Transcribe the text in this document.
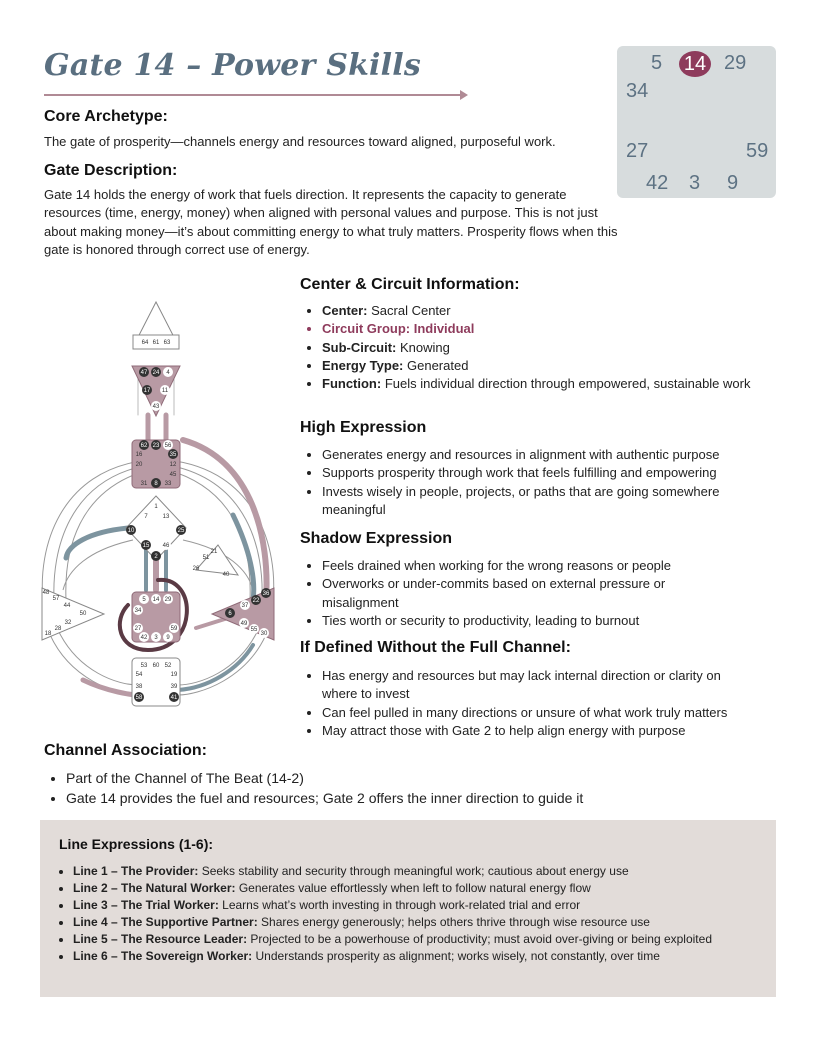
Gate 14 – Power Skills	5 14 29
34
27	59
42 3 9
Core Archetype:

The gate of prosperity—channels energy and resources toward aligned, purposeful work.

Gate Description:

Gate 14 holds the energy of work that fuels direction. It represents the capacity to generate resources (time, energy, money) when aligned with personal values and purpose. This is not just about making money—it’s about committing energy to what truly matters. Prosperity flows when this gate is honored through correct use of energy.

64 61 63
47 24 4
17 11
43
62 23 56
16	35
20	12
45
31 8 33
1
7 13
10	25
15 46
2
21
26
51
40
48
57
44
50
32
28
18
36
22
37
6
49
55
30
5 14 29
34
27	59
42 3 9
53 60 52
54	19
38	39
58	41
Center & Circuit Information:
• Center: Sacral Center
• Circuit Group: Individual
• Sub-Circuit: Knowing
• Energy Type: Generated
• Function: Fuels individual direction through empowered, sustainable work
High Expression
• Generates energy and resources in alignment with authentic purpose
• Supports prosperity through work that feels fulfilling and empowering
• Invests wisely in people, projects, or paths that are going somewhere meaningful
Shadow Expression
• Feels drained when working for the wrong reasons or people
• Overworks or under-commits based on external pressure or misalignment
• Ties worth or security to productivity, leading to burnout
If Defined Without the Full Channel:
• Has energy and resources but may lack internal direction or clarity on where to invest
• Can feel pulled in many directions or unsure of what work truly matters
• May attract those with Gate 2 to help align energy with purpose
Channel Association:
• Part of the Channel of The Beat (14-2)
• Gate 14 provides the fuel and resources; Gate 2 offers the inner direction to guide it
Line Expressions (1-6):
• Line 1 – The Provider: Seeks stability and security through meaningful work; cautious about energy use
• Line 2 – The Natural Worker: Generates value effortlessly when left to follow natural energy flow
• Line 3 – The Trial Worker: Learns what’s worth investing in through work-related trial and error
• Line 4 – The Supportive Partner: Shares energy generously; helps others thrive through wise resource use
• Line 5 – The Resource Leader: Projected to be a powerhouse of productivity; must avoid over-giving or being exploited
• Line 6 – The Sovereign Worker: Understands prosperity as alignment; works wisely, not constantly, over time
